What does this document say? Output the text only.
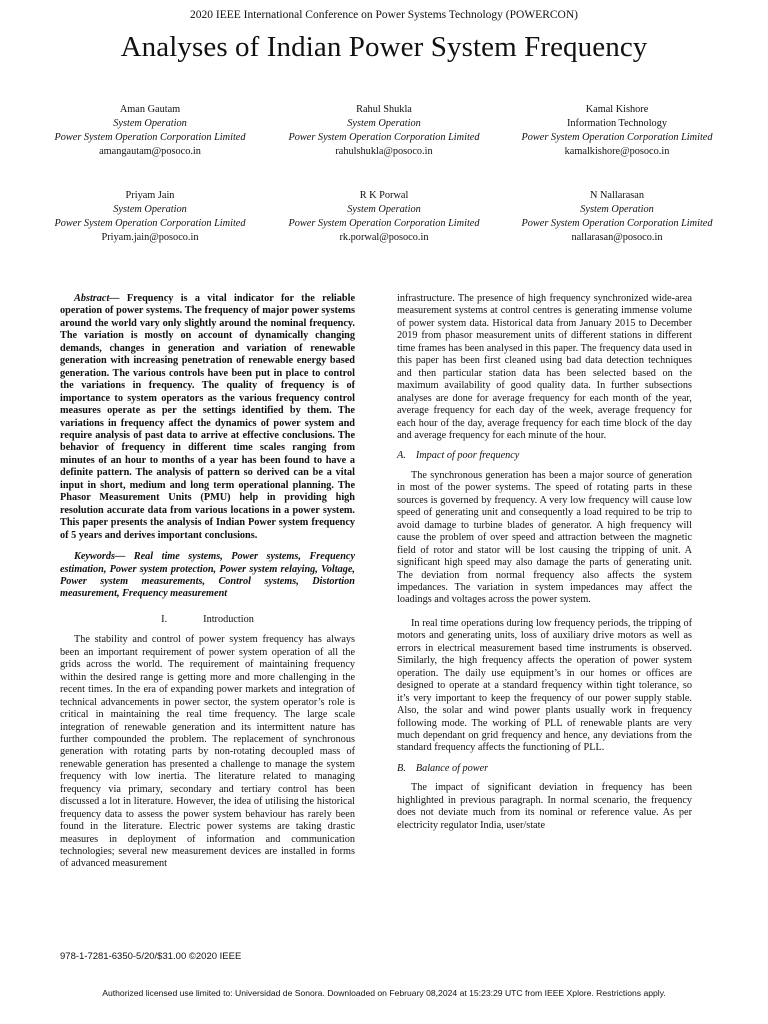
2020 IEEE International Conference on Power Systems Technology (POWERCON)
Analyses of Indian Power System Frequency
Aman Gautam
System Operation
Power System Operation Corporation Limited
amangautam@posoco.in
Rahul Shukla
System Operation
Power System Operation Corporation Limited
rahulshukla@posoco.in
Kamal Kishore
Information Technology
Power System Operation Corporation Limited
kamalkishore@posoco.in
Priyam Jain
System Operation
Power System Operation Corporation Limited
Priyam.jain@posoco.in
R K Porwal
System Operation
Power System Operation Corporation Limited
rk.porwal@posoco.in
N Nallarasan
System Operation
Power System Operation Corporation Limited
nallarasan@posoco.in

Abstract— Frequency is a vital indicator for the reliable operation of power systems. The frequency of major power systems around the world vary only slightly around the nominal frequency. The variation is mostly on account of dynamically changing demands, changes in generation and variation of renewable generation with increasing penetration of renewable energy based generation. The various controls have been put in place to control the variations in frequency. The quality of frequency is of importance to system operators as the various frequency control measures operate as per the settings identified by them. The variations in frequency affect the dynamics of power system and require analysis of past data to arrive at effective conclusions. The behavior of frequency in different time scales ranging from minutes of an hour to months of a year has been found to have a definite pattern. The analysis of pattern so derived can be a vital input in short, medium and long term operational planning. The Phasor Measurement Units (PMU) help in providing high resolution accurate data from various locations in a power system. This paper presents the analysis of Indian Power system frequency of 5 years and derives important conclusions.

Keywords— Real time systems, Power systems, Frequency estimation, Power system protection, Power system relaying, Voltage, Power system measurements, Control systems, Distortion measurement, Frequency measurement

I.	Introduction

The stability and control of power system frequency has always been an important requirement of power system operation of all the grids across the world. The requirement of maintaining frequency within the desired range is getting more and more challenging in the recent times. In the era of expanding power markets and integration of technical advancements in power sector, the system operator’s role is critical in maintaining the real time frequency. The large scale integration of renewable generation and its intermittent nature has further compounded the problem. The replacement of synchronous generation with rotating parts by non-rotating decoupled mass of renewable generation has presented a challenge to manage the system frequency with low inertia. The literature related to managing frequency via primary, secondary and tertiary control has been discussed a lot in literature. However, the idea of utilising the historical frequency data to assess the power system behaviour has rarely been found in the literature. Electric power systems are taking drastic measures in deployment of information and communication technologies; several new measurement devices are installed in forms of advanced measurement

infrastructure. The presence of high frequency synchronized wide-area measurement systems at control centres is generating immense volume of power system data. Historical data from January 2015 to December 2019 from phasor measurement units of different stations in different time frames has been analysed in this paper. The frequency data used in this paper has been first cleaned using bad data detection techniques and then particular station data has been selected based on the maximum availability of good quality data. In further subsections analyses are done for average frequency for each month of the year, average frequency for each day of the week, average frequency for each hour of the day, average frequency for each time block of the day and average frequency for each minute of the hour.

A. Impact of poor frequency

The synchronous generation has been a major source of generation in most of the power systems. The speed of rotating parts in these sources is governed by frequency. A very low frequency will cause low speed of generating unit and consequently a load required to be trip to avoid damage to turbine blades of generator. A high frequency will cause the problem of over speed and attraction between the magnetic field of rotor and stator will be lost causing the tripping of unit. A significant high speed may also damage the parts of generating unit. The deviation from normal frequency also affects the system impedances. The variation in system impedances may affect the loadings and voltages across the power system.

In real time operations during low frequency periods, the tripping of motors and generating units, loss of auxiliary drive motors as well as errors in electrical measurement based time instruments is observed. Similarly, the high frequency affects the operation of power system operation. The daily use equipment’s in our homes or offices are designed to operate at a standard frequency within tight tolerance, so it’s very important to keep the frequency of our power supply stable. Also, the solar and wind power plants usually work in frequency following mode. The working of PLL of renewable plants are very much dependant on grid frequency and hence, any deviations from the standard frequency affects the functioning of PLL.

B. Balance of power

The impact of significant deviation in frequency has been highlighted in previous paragraph. In normal scenario, the frequency does not deviate much from its nominal or reference value. As per electricity regulator India, user/state

978-1-7281-6350-5/20/$31.00 ©2020 IEEE
Authorized licensed use limited to: Universidad de Sonora. Downloaded on February 08,2024 at 15:23:29 UTC from IEEE Xplore. Restrictions apply.
